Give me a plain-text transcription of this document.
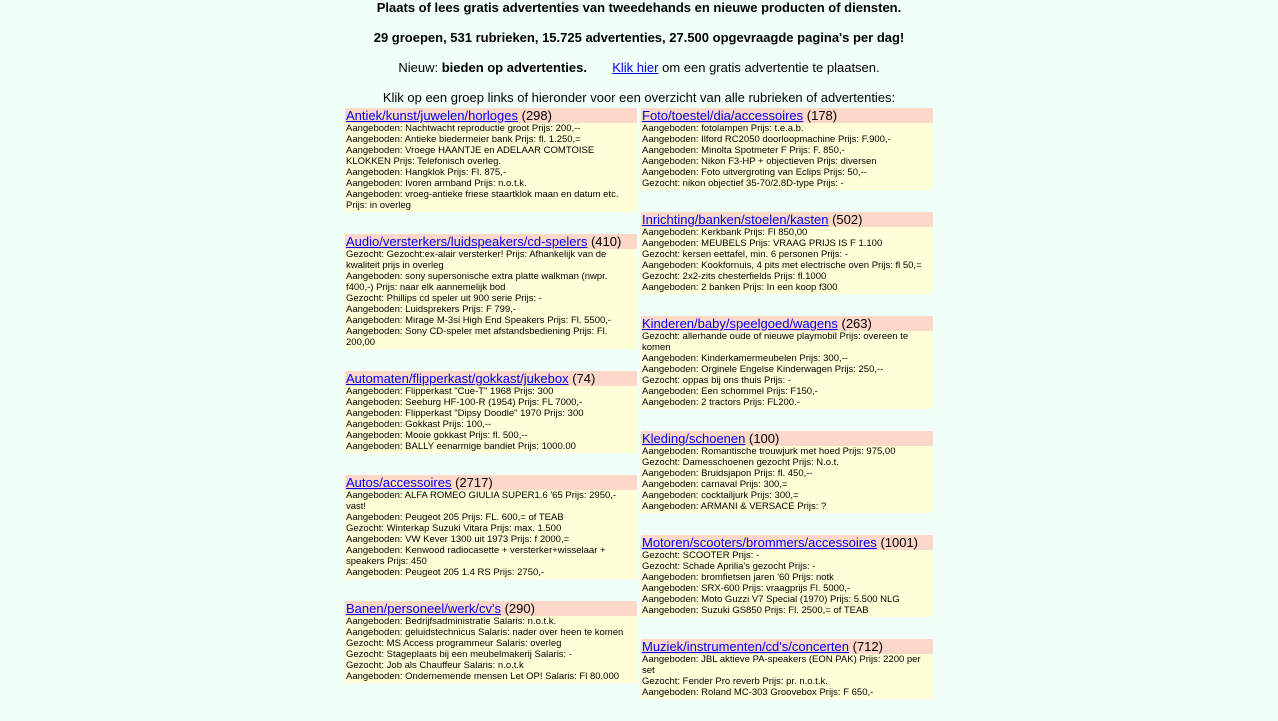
Plaats of lees gratis advertenties van tweedehands en nieuwe producten of diensten.
29 groepen, 531 rubrieken, 15.725 advertenties, 27.500 opgevraagde pagina's per dag!
Nieuw: bieden op advertenties. Klik hier om een gratis advertentie te plaatsen.
Klik op een groep links of hieronder voor een overzicht van alle rubrieken of advertenties:
Antiek/kunst/juwelen/horloges (298)
Aangeboden: Nachtwacht reproductie groot Prijs: 200,--
Aangeboden: Antieke biedermeier bank Prijs: fl. 1.250,=
Aangeboden: Vroege HAANTJE en ADELAAR COMTOISE KLOKKEN Prijs: Telefonisch overleg.
Aangeboden: Hangklok Prijs: Fl. 875,-
Aangeboden: Ivoren armband Prijs: n.o.t.k.
Aangeboden: vroeg-antieke friese staartklok maan en datum etc. Prijs: in overleg
Audio/versterkers/luidspeakers/cd-spelers (410)
Gezocht: Gezocht:ex-alair versterker! Prijs: Afhankelijk van de kwaliteit prijs in overleg
Aangeboden: sony supersonische extra platte walkman (nwpr. f400,-) Prijs: naar elk aannemelijk bod
Gezocht: Phillips cd speler uit 900 serie Prijs: -
Aangeboden: Luidsprekers Prijs: F 799,-
Aangeboden: Mirage M-3si High End Speakers Prijs: Fl. 5500,-
Aangeboden: Sony CD-speler met afstandsbediening Prijs: Fl. 200,00
Automaten/flipperkast/gokkast/jukebox (74)
Aangeboden: Flipperkast "Cue-T" 1968 Prijs: 300
Aangeboden: Seeburg HF-100-R (1954) Prijs: FL 7000,-
Aangeboden: Flipperkast "Dipsy Doodle" 1970 Prijs: 300
Aangeboden: Gokkast Prijs: 100,--
Aangeboden: Mooie gokkast Prijs: fl. 500,--
Aangeboden: BALLY eenarmige bandiet Prijs: 1000.00
Autos/accessoires (2717)
Aangeboden: ALFA ROMEO GIULIA SUPER1.6 '65 Prijs: 2950,- vast!
Aangeboden: Peugeot 205 Prijs: FL. 600,= of TEAB
Gezocht: Winterkap Suzuki Vitara Prijs: max. 1.500
Aangeboden: VW Kever 1300 uit 1973 Prijs: f 2000,=
Aangeboden: Kenwood radiocasette + versterker+wisselaar + speakers Prijs: 450
Aangeboden: Peugeot 205 1.4 RS Prijs: 2750,-
Banen/personeel/werk/cv's (290)
Aangeboden: Bedrijfsadministratie Salaris: n.o.t.k.
Aangeboden: geluidstechnicus Salaris: nader over heen te komen
Gezocht: MS Access programmeur Salaris: overleg
Gezocht: Stageplaats bij een meubelmakerij Salaris: -
Gezocht: Job als Chauffeur Salaris: n.o.t.k
Aangeboden: Ondernemende mensen Let OP! Salaris: Fl 80.000
Foto/toestel/dia/accessoires (178)
Aangeboden: fotolampen Prijs: t.e.a.b.
Aangeboden: Ilford RC2050 doorloopmachine Prijs: F.900,-
Aangeboden: Minolta Spotmeter F Prijs: F. 850,-
Aangeboden: Nikon F3-HP + objectieven Prijs: diversen
Aangeboden: Foto uitvergroting van Eclips Prijs: 50,--
Gezocht: nikon objectief 35-70/2.8D-type Prijs: -
Inrichting/banken/stoelen/kasten (502)
Aangeboden: Kerkbank Prijs: Fl 850,00
Aangeboden: MEUBELS Prijs: VRAAG PRIJS IS F 1.100
Gezocht: kersen eettafel, min. 6 personen Prijs: -
Aangeboden: Kookfornuis, 4 pits met electrische oven Prijs: fl 50,=
Gezocht: 2x2-zits chesterfields Prijs: fl.1000
Aangeboden: 2 banken Prijs: In een koop f300
Kinderen/baby/speelgoed/wagens (263)
Gezocht: allerhande oude of nieuwe playmobil Prijs: overeen te komen
Aangeboden: Kinderkamermeubelen Prijs: 300,--
Aangeboden: Orginele Engelse Kinderwagen Prijs: 250,--
Gezocht: oppas bij ons thuis Prijs: -
Aangeboden: Een schommel Prijs: F150,-
Aangeboden: 2 tractors Prijs: FL200.-
Kleding/schoenen (100)
Aangeboden: Romantische trouwjurk met hoed Prijs: 975,00
Gezocht: Damesschoenen gezocht Prijs: N.o.t.
Aangeboden: Bruidsjapon Prijs: fl. 450,--
Aangeboden: carnaval Prijs: 300,=
Aangeboden: cocktailjurk Prijs: 300,=
Aangeboden: ARMANI & VERSACE Prijs: ?
Motoren/scooters/brommers/accessoires (1001)
Gezocht: SCOOTER Prijs: -
Gezocht: Schade Aprilia's gezocht Prijs: -
Aangeboden: bromfietsen jaren '60 Prijs: notk
Aangeboden: SRX-600 Prijs: vraagprijs Fl. 5000,-
Aangeboden: Moto Guzzi V7 Special (1970) Prijs: 5.500 NLG
Aangeboden: Suzuki GS850 Prijs: Fl. 2500,= of TEAB
Muziek/instrumenten/cd's/concerten (712)
Aangeboden: JBL aktieve PA-speakers (EON PAK) Prijs: 2200 per set
Gezocht: Fender Pro reverb Prijs: pr. n.o.t.k.
Aangeboden: Roland MC-303 Groovebox Prijs: F 650,-
